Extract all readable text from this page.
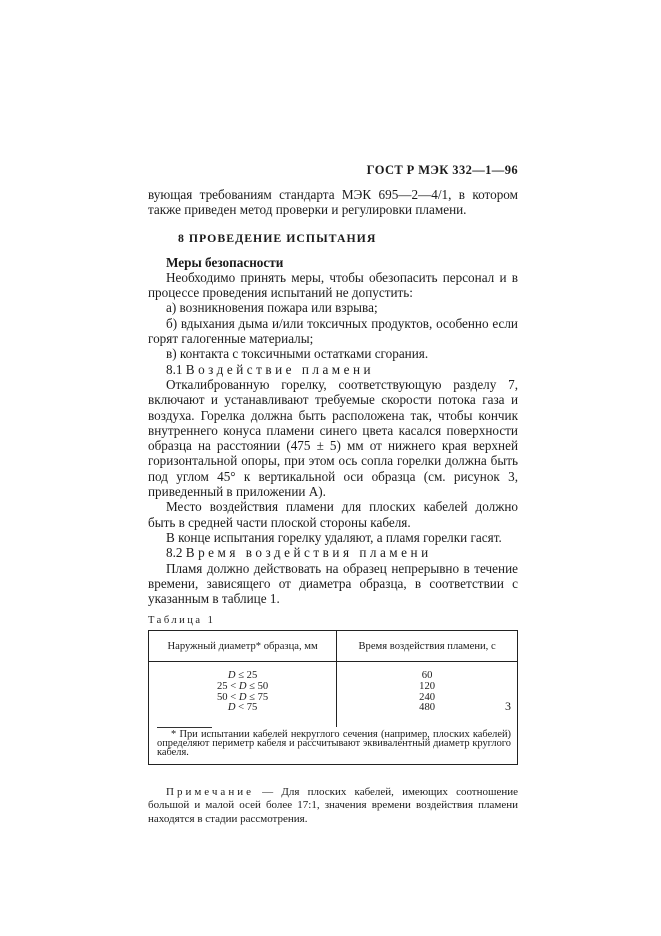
ГОСТ Р МЭК 332—1—96

вующая требованиям стандарта МЭК 695—2—4/1, в котором также приведен метод проверки и регулировки пламени.

8 ПРОВЕДЕНИЕ ИСПЫТАНИЯ

Меры безопасности

Необходимо принять меры, чтобы обезопасить персонал и в процессе проведения испытаний не допустить:

а) возникновения пожара или взрыва;

б) вдыхания дыма и/или токсичных продуктов, особенно если горят галогенные материалы;

в) контакта с токсичными остатками сгорания.

8.1 Воздействие пламени

Откалиброванную горелку, соответствующую разделу 7, включают и устанавливают требуемые скорости потока газа и воздуха. Горелка должна быть расположена так, чтобы кончик внутреннего конуса пламени синего цвета касался поверхности образца на расстоянии (475 ± 5) мм от нижнего края верхней горизонтальной опоры, при этом ось сопла горелки должна быть под углом 45° к вертикальной оси образца (см. рисунок 3, приведенный в приложении А).

Место воздействия пламени для плоских кабелей должно быть в средней части плоской стороны кабеля.

В конце испытания горелку удаляют, а пламя горелки гасят.

8.2 Время воздействия пламени

Пламя должно действовать на образец непрерывно в течение времени, зависящего от диаметра образца, в соответствии с указанным в таблице 1.

Таблица 1
Наружный диаметр* образца, мм	Время воздействия пламени, с
D ≤ 25	60
25 < D ≤ 50	120
50 < D ≤ 75	240
D < 75	480

* При испытании кабелей некруглого сечения (например, плоских кабелей) определяют периметр кабеля и рассчитывают эквивалентный диаметр круглого кабеля.	

Примечание — Для плоских кабелей, имеющих соотношение большой и малой осей более 17:1, значения времени воздействия пламени находятся в стадии рассмотрения.

3
